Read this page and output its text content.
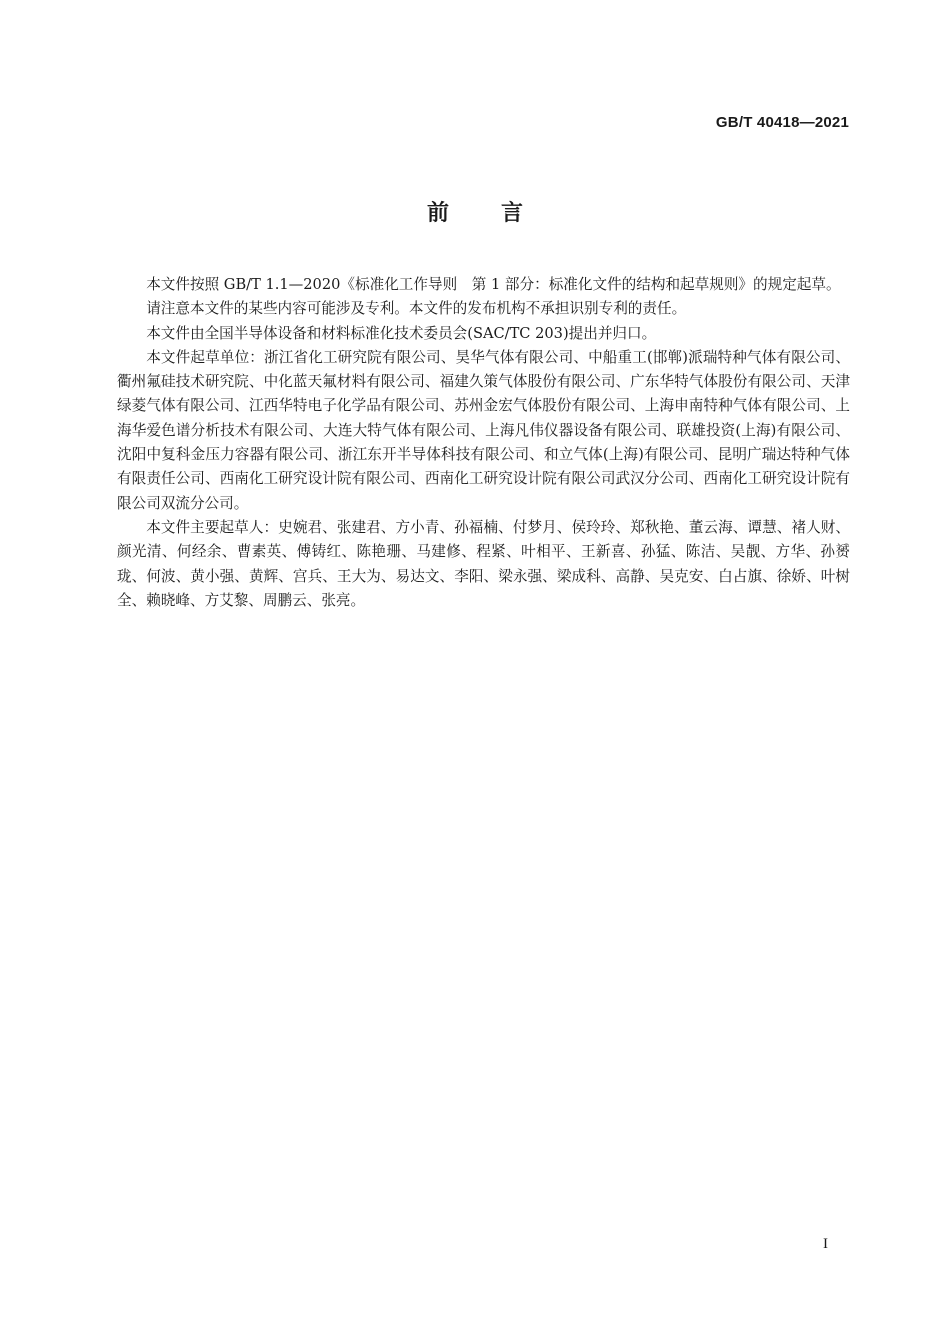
GB/T 40418—2021
前言

本文件按照 GB/T 1.1—2020《标准化工作导则　第 1 部分：标准化文件的结构和起草规则》的规定起草。

请注意本文件的某些内容可能涉及专利。本文件的发布机构不承担识别专利的责任。

本文件由全国半导体设备和材料标准化技术委员会(SAC/TC 203)提出并归口。

本文件起草单位：浙江省化工研究院有限公司、昊华气体有限公司、中船重工(邯郸)派瑞特种气体有限公司、衢州氟硅技术研究院、中化蓝天氟材料有限公司、福建久策气体股份有限公司、广东华特气体股份有限公司、天津绿菱气体有限公司、江西华特电子化学品有限公司、苏州金宏气体股份有限公司、上海申南特种气体有限公司、上海华爱色谱分析技术有限公司、大连大特气体有限公司、上海凡伟仪器设备有限公司、联雄投资(上海)有限公司、沈阳中复科金压力容器有限公司、浙江东开半导体科技有限公司、和立气体(上海)有限公司、昆明广瑞达特种气体有限责任公司、西南化工研究设计院有限公司、西南化工研究设计院有限公司武汉分公司、西南化工研究设计院有限公司双流分公司。

本文件主要起草人：史婉君、张建君、方小青、孙福楠、付梦月、侯玲玲、郑秋艳、董云海、谭慧、褚人财、颜光清、何经余、曹素英、傅铸红、陈艳珊、马建修、程紧、叶相平、王新喜、孙猛、陈洁、吴靓、方华、孙赟珑、何波、黄小强、黄辉、宫兵、王大为、易达文、李阳、梁永强、梁成科、高静、吴克安、白占旗、徐娇、叶树全、赖晓峰、方艾黎、周鹏云、张亮。

I
